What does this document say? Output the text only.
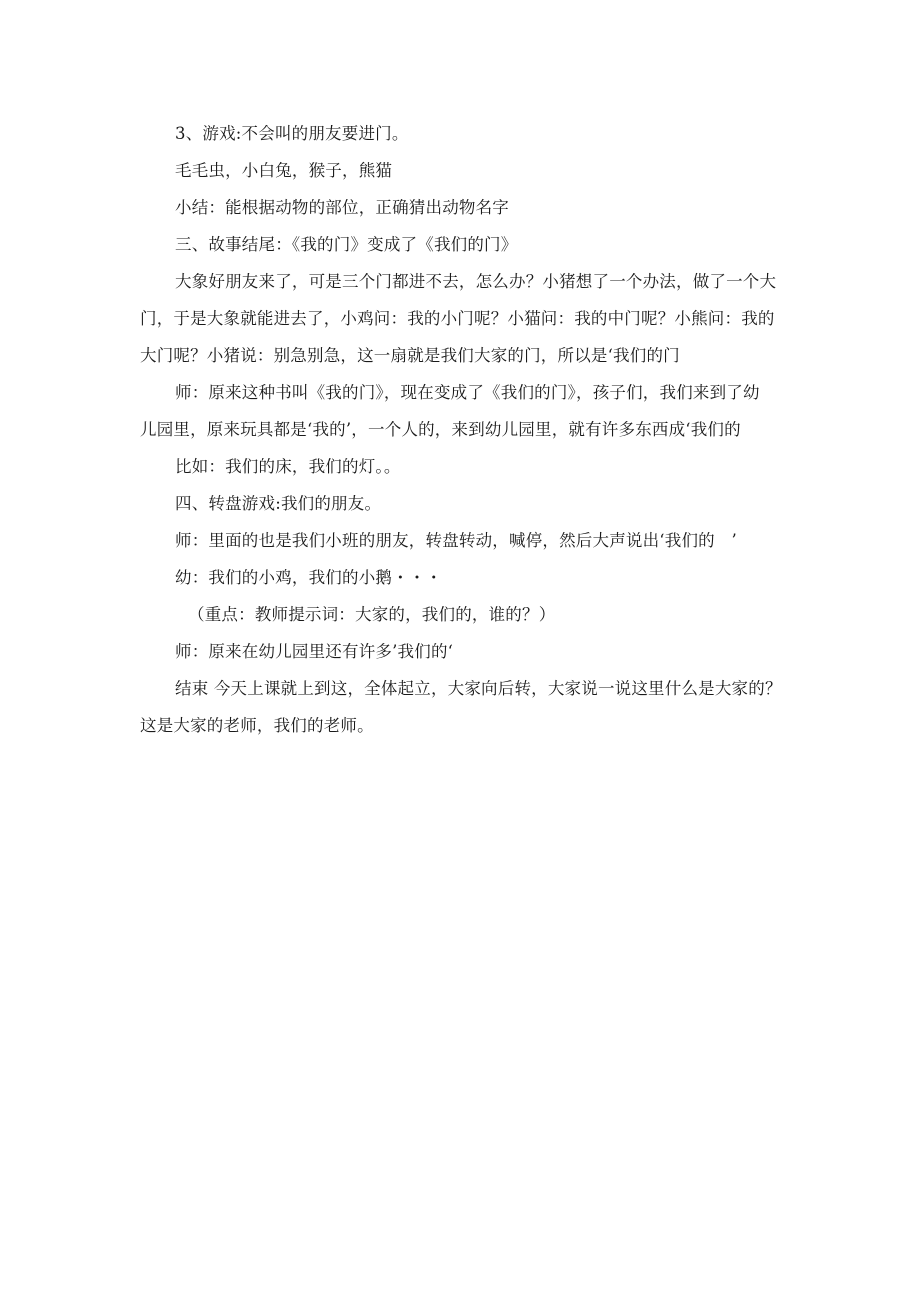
3、游戏:不会叫的朋友要进门。
毛毛虫，小白兔，猴子，熊猫
小结：能根据动物的部位，正确猜出动物名字
三、故事结尾：《我的门》变成了《我们的门》
大象好朋友来了，可是三个门都进不去，怎么办？小猪想了一个办法，做了一个大
门，于是大象就能进去了，小鸡问：我的小门呢？小猫问：我的中门呢？小熊问：我的
大门呢？小猪说：别急别急，这一扇就是我们大家的门，所以是‘我们的门
师：原来这种书叫《我的门》，现在变成了《我们的门》，孩子们，我们来到了幼
儿园里，原来玩具都是‘我的’，一个人的，来到幼儿园里，就有许多东西成‘我们的
比如：我们的床，我们的灯。。
四、转盘游戏:我们的朋友。
师：里面的也是我们小班的朋友，转盘转动，喊停，然后大声说出‘我们的　’
幼：我们的小鸡，我们的小鹅・・・
（重点：教师提示词：大家的，我们的，谁的？）
师：原来在幼儿园里还有许多’我们的‘
结束 今天上课就上到这，全体起立，大家向后转，大家说一说这里什么是大家的？
这是大家的老师，我们的老师。
